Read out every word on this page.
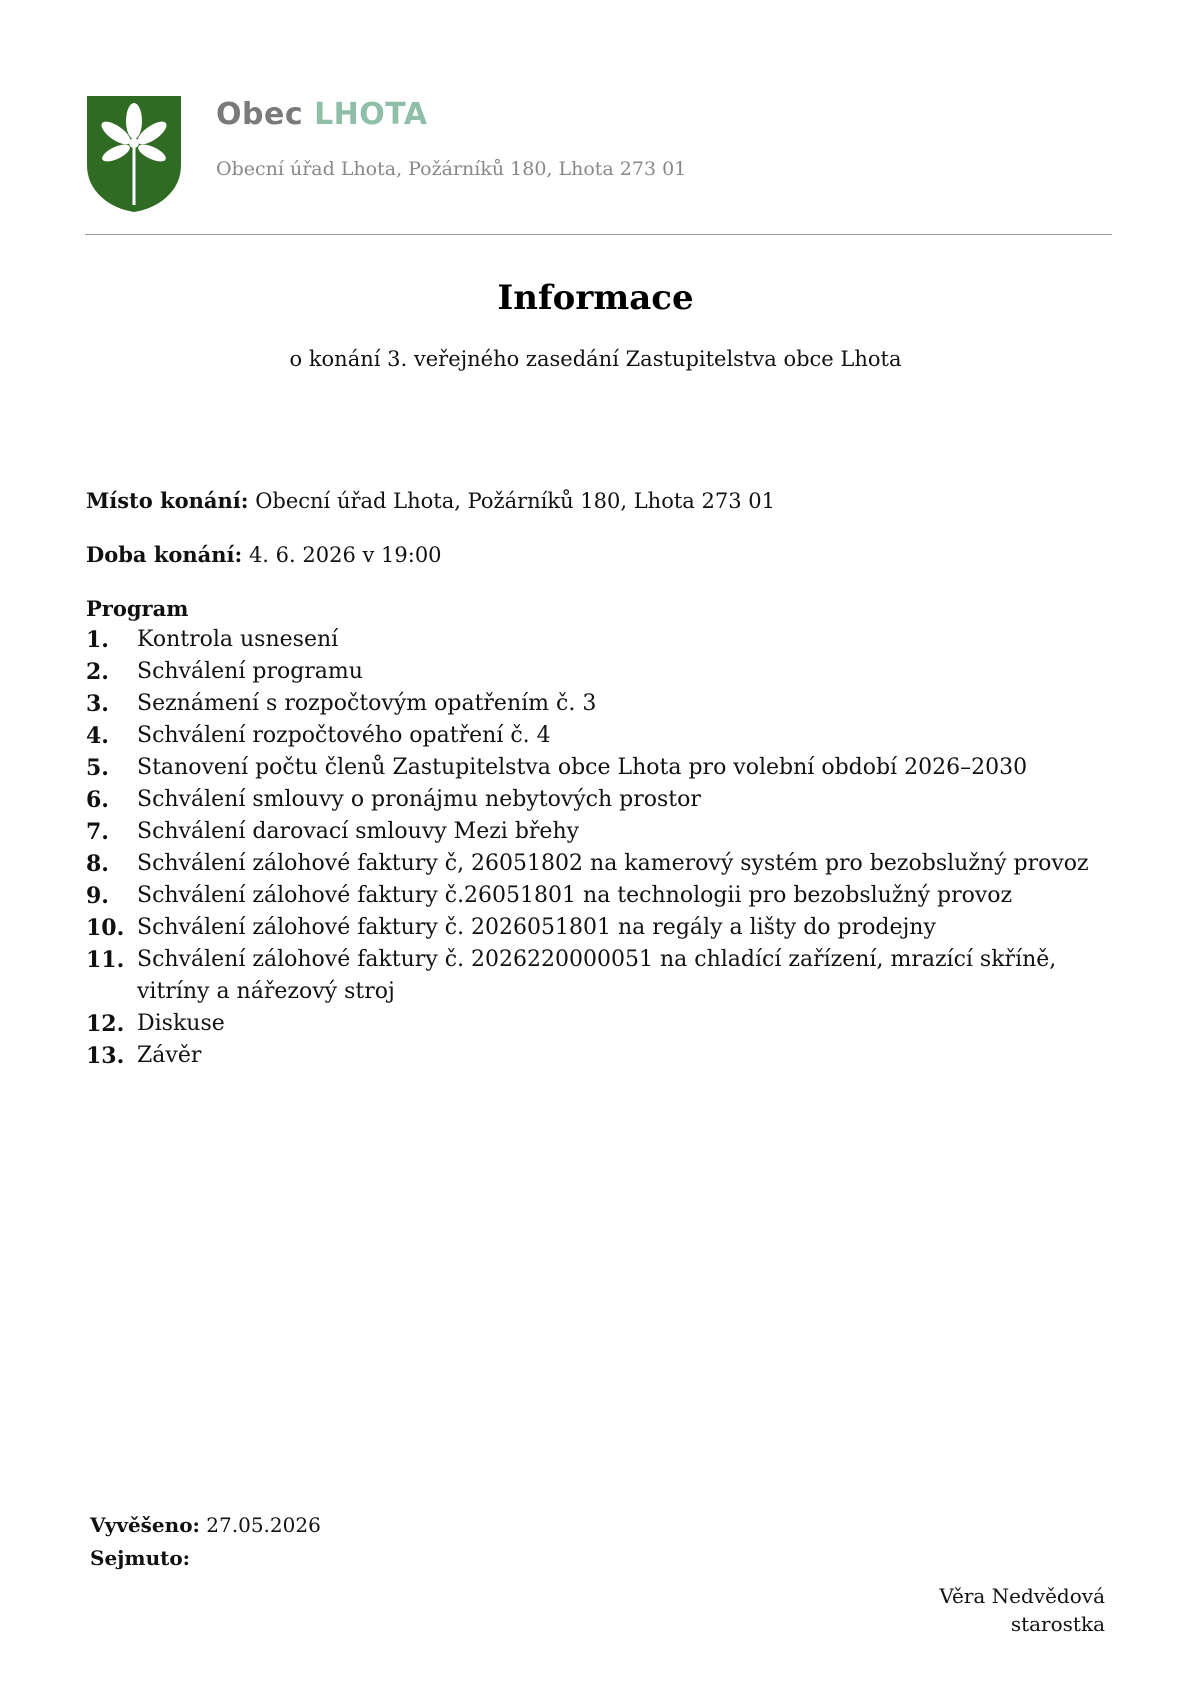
Obec LHOTA
Obecní úřad Lhota, Požárníků 180, Lhota 273 01
Informace
o konání 3. veřejného zasedání Zastupitelstva obce Lhota
Místo konání: Obecní úřad Lhota, Požárníků 180, Lhota 273 01
Doba konání: 4. 6. 2026 v 19:00
Program
1. Kontrola usnesení
2. Schválení programu
3. Seznámení s rozpočtovým opatřením č. 3
4. Schválení rozpočtového opatření č. 4
5. Stanovení počtu členů Zastupitelstva obce Lhota pro volební období 2026–2030
6. Schválení smlouvy o pronájmu nebytových prostor
7. Schválení darovací smlouvy Mezi břehy
8. Schválení zálohové faktury č, 26051802 na kamerový systém pro bezobslužný provoz
9. Schválení zálohové faktury č.26051801 na technologii pro bezobslužný provoz
10. Schválení zálohové faktury č. 2026051801 na regály a lišty do prodejny
11. Schválení zálohové faktury č. 2026220000051 na chladící zařízení, mrazící skříně, vitríny a nářezový stroj
12. Diskuse
13. Závěr
Vyvěšeno: 27.05.2026
Sejmuto:
Věra Nedvědová
starostka
